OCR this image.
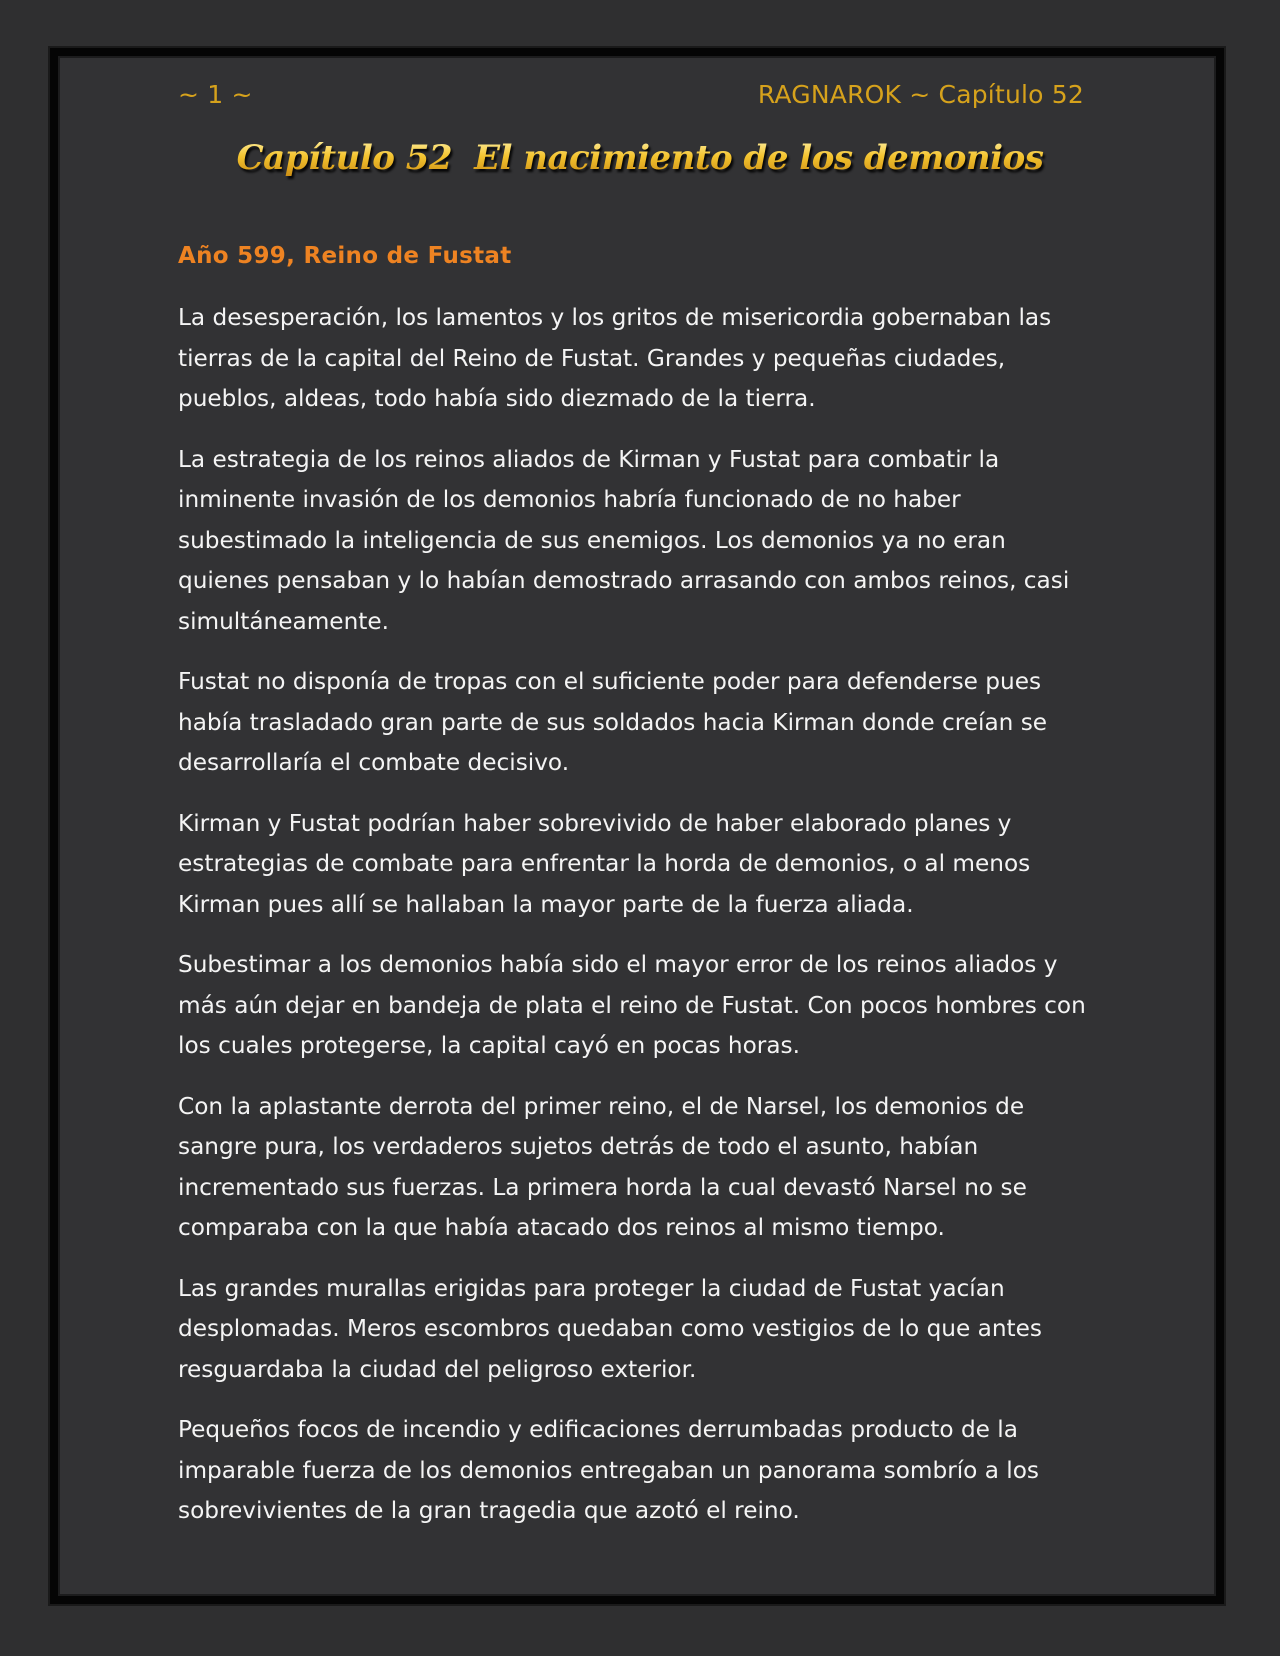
~ 1 ~	RAGNAROK ~ Capítulo 52
Capítulo 52 El nacimiento de los demonios
Año 599, Reino de Fustat

La desesperación, los lamentos y los gritos de misericordia gobernaban las tierras de la capital del Reino de Fustat. Grandes y pequeñas ciudades, pueblos, aldeas, todo había sido diezmado de la tierra.

La estrategia de los reinos aliados de Kirman y Fustat para combatir la inminente invasión de los demonios habría funcionado de no haber subestimado la inteligencia de sus enemigos. Los demonios ya no eran quienes pensaban y lo habían demostrado arrasando con ambos reinos, casi simultáneamente.

Fustat no disponía de tropas con el suficiente poder para defenderse pues había trasladado gran parte de sus soldados hacia Kirman donde creían se desarrollaría el combate decisivo.

Kirman y Fustat podrían haber sobrevivido de haber elaborado planes y estrategias de combate para enfrentar la horda de demonios, o al menos Kirman pues allí se hallaban la mayor parte de la fuerza aliada.

Subestimar a los demonios había sido el mayor error de los reinos aliados y más aún dejar en bandeja de plata el reino de Fustat. Con pocos hombres con los cuales protegerse, la capital cayó en pocas horas.

Con la aplastante derrota del primer reino, el de Narsel, los demonios de sangre pura, los verdaderos sujetos detrás de todo el asunto, habían incrementado sus fuerzas. La primera horda la cual devastó Narsel no se comparaba con la que había atacado dos reinos al mismo tiempo.

Las grandes murallas erigidas para proteger la ciudad de Fustat yacían desplomadas. Meros escombros quedaban como vestigios de lo que antes resguardaba la ciudad del peligroso exterior.

Pequeños focos de incendio y edificaciones derrumbadas producto de la imparable fuerza de los demonios entregaban un panorama sombrío a los sobrevivientes de la gran tragedia que azotó el reino.
